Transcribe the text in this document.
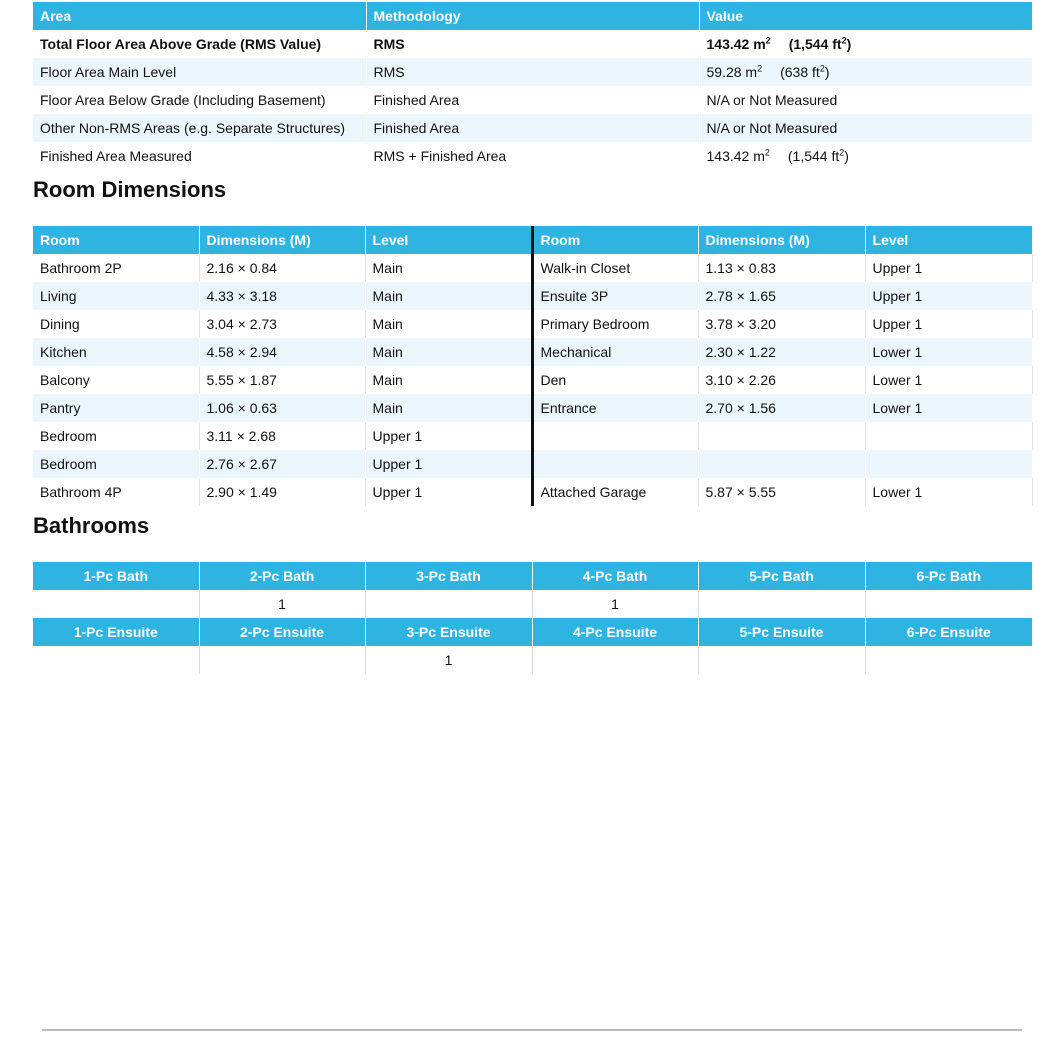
Area	Methodology	Value
Total Floor Area Above Grade (RMS Value)	RMS	143.42 $m^2$ (1,544 $ft^2$)
Floor Area Main Level	RMS	59.28 $m^2$ (638 $ft^2$)
Floor Area Below Grade (Including Basement)	Finished Area	N/A or Not Measured
Other Non-RMS Areas (e.g. Separate Structures)	Finished Area	N/A or Not Measured
Finished Area Measured	RMS + Finished Area	143.42 $m^2$ (1,544 $ft^2$)
Room Dimensions
Room	Dimensions (M)	Level	Room	Dimensions (M)	Level
Bathroom 2P	2.16 × 0.84	Main	Walk-in Closet	1.13 × 0.83	Upper 1
Living	4.33 × 3.18	Main	Ensuite 3P	2.78 × 1.65	Upper 1
Dining	3.04 × 2.73	Main	Primary Bedroom	3.78 × 3.20	Upper 1
Kitchen	4.58 × 2.94	Main	Mechanical	2.30 × 1.22	Lower 1
Balcony	5.55 × 1.87	Main	Den	3.10 × 2.26	Lower 1
Pantry	1.06 × 0.63	Main	Entrance	2.70 × 1.56	Lower 1
Bedroom	3.11 × 2.68	Upper 1			
Bedroom	2.76 × 2.67	Upper 1			
Bathroom 4P	2.90 × 1.49	Upper 1	Attached Garage	5.87 × 5.55	Lower 1
Bathrooms
1-Pc Bath	2-Pc Bath	3-Pc Bath	4-Pc Bath	5-Pc Bath	6-Pc Bath
	1		1		
1-Pc Ensuite	2-Pc Ensuite	3-Pc Ensuite	4-Pc Ensuite	5-Pc Ensuite	6-Pc Ensuite
		1			
